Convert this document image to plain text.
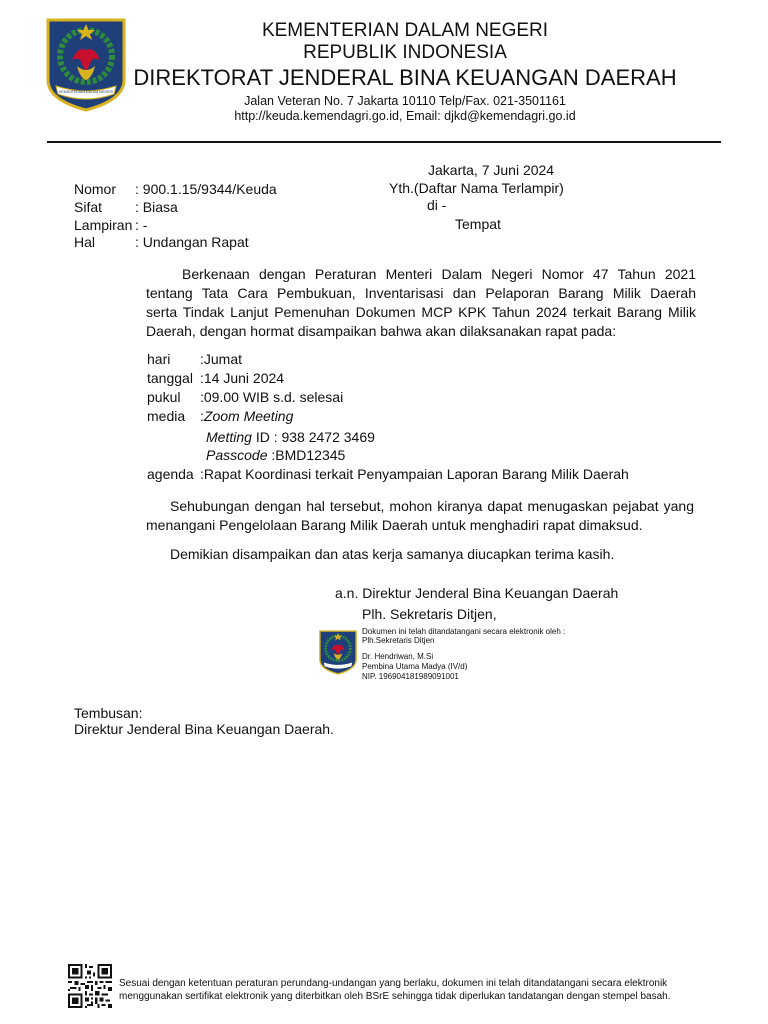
KEMENTERIAN DALAM NEGERI
KEMENTERIAN DALAM NEGERI
REPUBLIK INDONESIA
DIREKTORAT JENDERAL BINA KEUANGAN DAERAH
Jalan Veteran No. 7 Jakarta 10110 Telp/Fax. 021-3501161
http://keuda.kemendagri.go.id, Email: djkd@kemendagri.go.id
Jakarta, 7 Juni 2024
Yth.(Daftar Nama Terlampir)
di -
Tempat
Nomor : 900.1.15/9344/Keuda
Sifat : Biasa
Lampiran : -
Hal	: Undangan Rapat
Berkenaan dengan Peraturan Menteri Dalam Negeri Nomor 47 Tahun 2021
tentang Tata Cara Pembukuan, Inventarisasi dan Pelaporan Barang Milik Daerah
serta Tindak Lanjut Pemenuhan Dokumen MCP KPK Tahun 2024 terkait Barang Milik
Daerah, dengan hormat disampaikan bahwa akan dilaksanakan rapat pada:
hari :Jumat
tanggal :14 Juni 2024
pukul :09.00 WIB s.d. selesai
media :Zoom Meeting
Metting ID : 938 2472 3469
Passcode :BMD12345
agenda :Rapat Koordinasi terkait Penyampaian Laporan Barang Milik Daerah
Sehubungan dengan hal tersebut, mohon kiranya dapat menugaskan pejabat yang
menangani Pengelolaan Barang Milik Daerah untuk menghadiri rapat dimaksud.
Demikian disampaikan dan atas kerja samanya diucapkan terima kasih.
a.n. Direktur Jenderal Bina Keuangan Daerah
Plh. Sekretaris Ditjen,
Dokumen ini telah ditandatangani secara elektronik oleh :
Plh.Sekretaris Ditjen
Dr. Hendriwan, M.Si
Pembina Utama Madya (IV/d)
NIP. 196904181989091001
Tembusan:
Direktur Jenderal Bina Keuangan Daerah.
Sesuai dengan ketentuan peraturan perundang-undangan yang berlaku, dokumen ini telah ditandatangani secara elektronik
menggunakan sertifikat elektronik yang diterbitkan oleh BSrE sehingga tidak diperlukan tandatangan dengan stempel basah.
